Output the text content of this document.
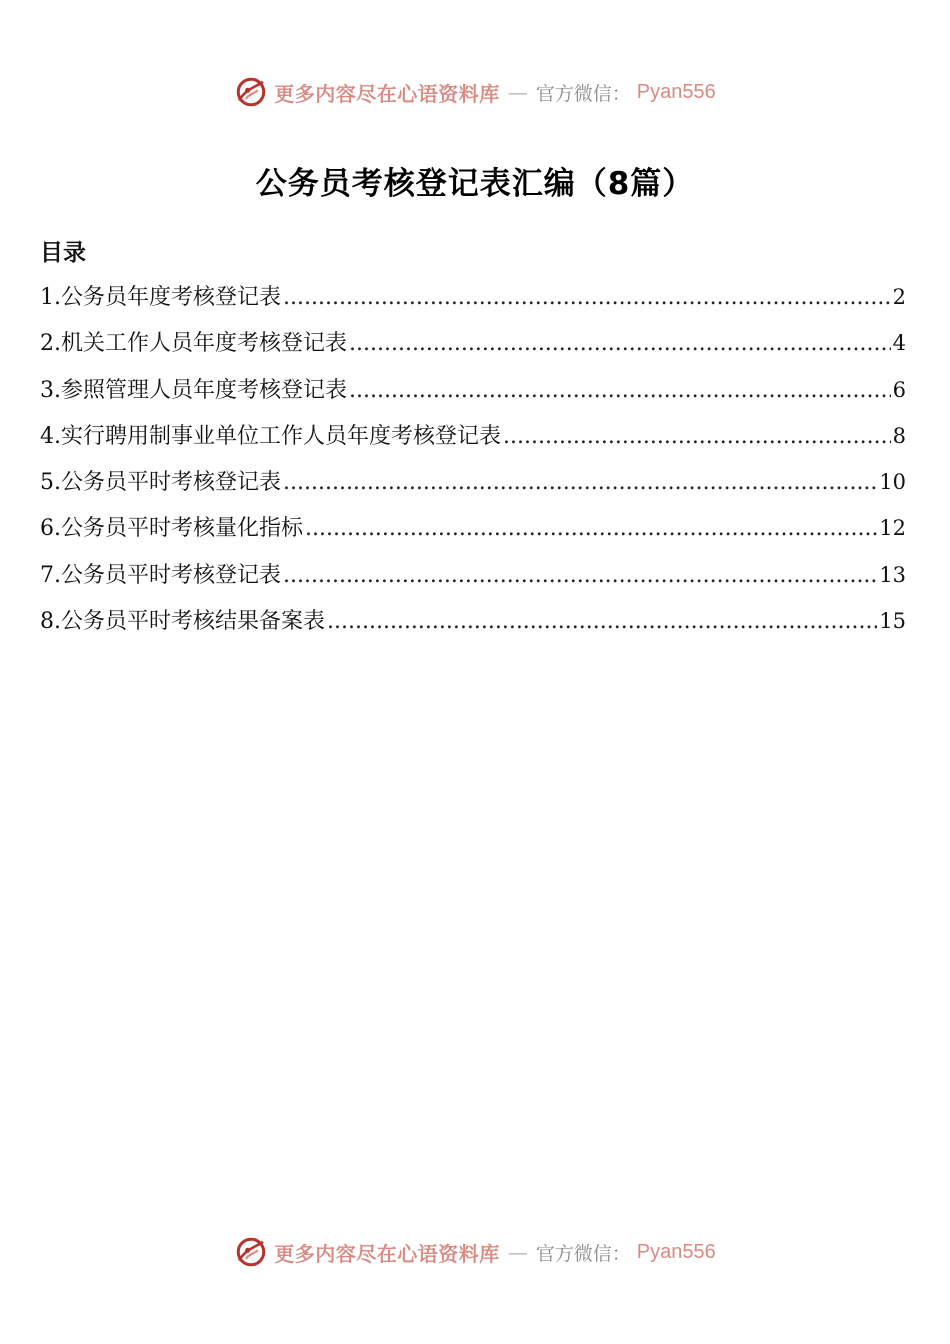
更多内容尽在心语资料库 — 官方微信： Pyan556
公务员考核登记表汇编（8篇）
目录
1.公务员年度考核登记表 .....	2
2.机关工作人员年度考核登记表 .....	4
3.参照管理人员年度考核登记表 .....	6
4.实行聘用制事业单位工作人员年度考核登记表 .....	8
5.公务员平时考核登记表 .....	10
6.公务员平时考核量化指标 .....	12
7.公务员平时考核登记表 .....	13
8.公务员平时考核结果备案表 .....	15
更多内容尽在心语资料库 — 官方微信： Pyan556
